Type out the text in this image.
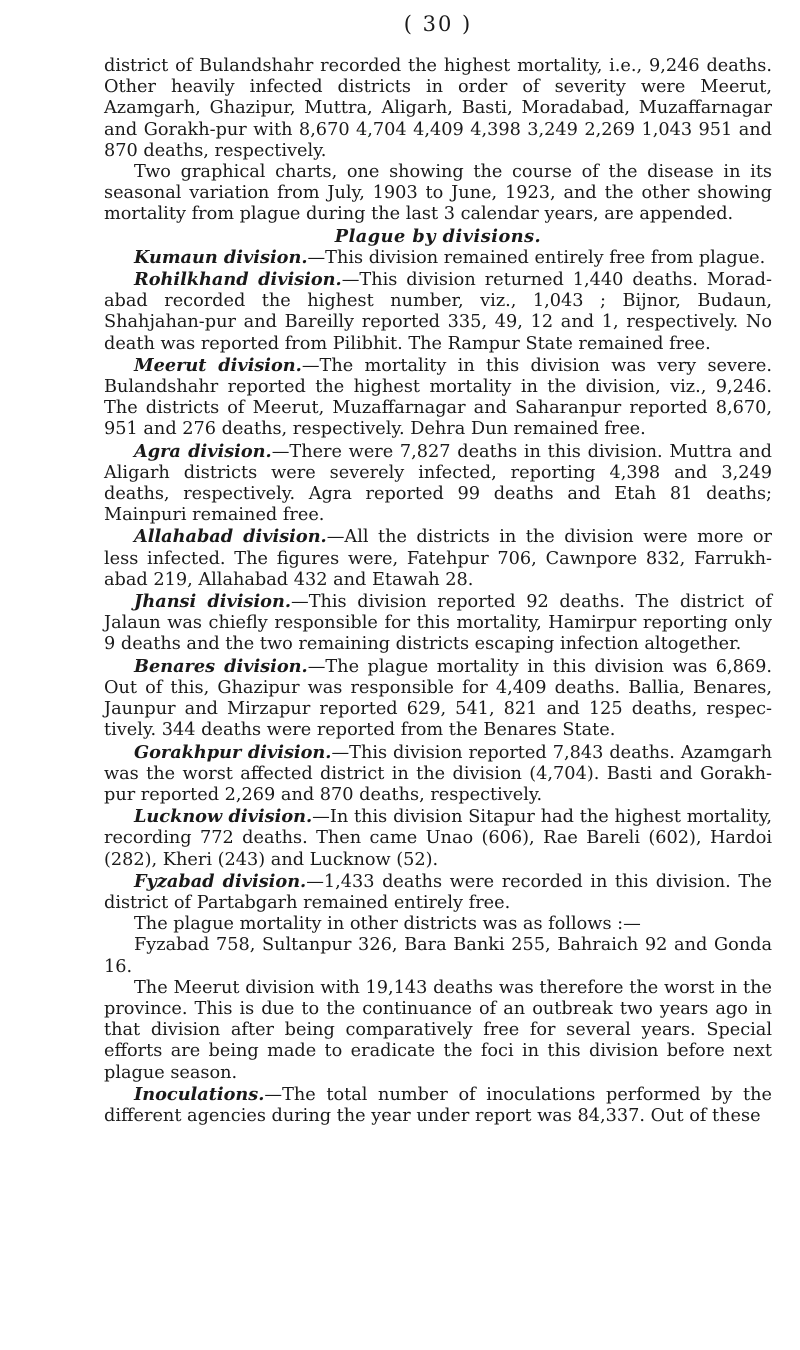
( 30 )

district of Bulandshahr recorded the highest mortality, i.e., 9,246 deaths. Other heavily infected districts in order of severity were Meerut, Azamgarh, Ghazipur, Muttra, Aligarh, Basti, Moradabad, Muzaffarnagar and Gorakh-pur with 8,670 4,704 4,409 4,398 3,249 2,269 1,043 951 and 870 deaths, respectively.

Two graphical charts, one showing the course of the disease in its seasonal variation from July, 1903 to June, 1923, and the other showing mortality from plague during the last 3 calendar years, are appended.

Plague by divisions.

Kumaun division.—This division remained entirely free from plague.

Rohilkhand division.—This division returned 1,440 deaths. Morad-abad recorded the highest number, viz., 1,043 ; Bijnor, Budaun, Shahjahan-pur and Bareilly reported 335, 49, 12 and 1, respectively. No death was reported from Pilibhit. The Rampur State remained free.

Meerut division.—The mortality in this division was very severe. Bulandshahr reported the highest mortality in the division, viz., 9,246. The districts of Meerut, Muzaffarnagar and Saharanpur reported 8,670, 951 and 276 deaths, respectively. Dehra Dun remained free.

Agra division.—There were 7,827 deaths in this division. Muttra and Aligarh districts were severely infected, reporting 4,398 and 3,249 deaths, respectively. Agra reported 99 deaths and Etah 81 deaths; Mainpuri remained free.

Allahabad division.—All the districts in the division were more or less infected. The figures were, Fatehpur 706, Cawnpore 832, Farrukh-abad 219, Allahabad 432 and Etawah 28.

Jhansi division.—This division reported 92 deaths. The district of Jalaun was chiefly responsible for this mortality, Hamirpur reporting only 9 deaths and the two remaining districts escaping infection altogether.

Benares division.—The plague mortality in this division was 6,869. Out of this, Ghazipur was responsible for 4,409 deaths. Ballia, Benares, Jaunpur and Mirzapur reported 629, 541, 821 and 125 deaths, respec-tively. 344 deaths were reported from the Benares State.

Gorakhpur division.—This division reported 7,843 deaths. Azamgarh was the worst affected district in the division (4,704). Basti and Gorakh-pur reported 2,269 and 870 deaths, respectively.

Lucknow division.—In this division Sitapur had the highest mortality, recording 772 deaths. Then came Unao (606), Rae Bareli (602), Hardoi (282), Kheri (243) and Lucknow (52).

Fyzabad division.—1,433 deaths were recorded in this division. The district of Partabgarh remained entirely free.

The plague mortality in other districts was as follows :—

Fyzabad 758, Sultanpur 326, Bara Banki 255, Bahraich 92 and Gonda 16.

The Meerut division with 19,143 deaths was therefore the worst in the province. This is due to the continuance of an outbreak two years ago in that division after being comparatively free for several years. Special efforts are being made to eradicate the foci in this division before next plague season.

Inoculations.—The total number of inoculations performed by the different agencies during the year under report was 84,337. Out of these
